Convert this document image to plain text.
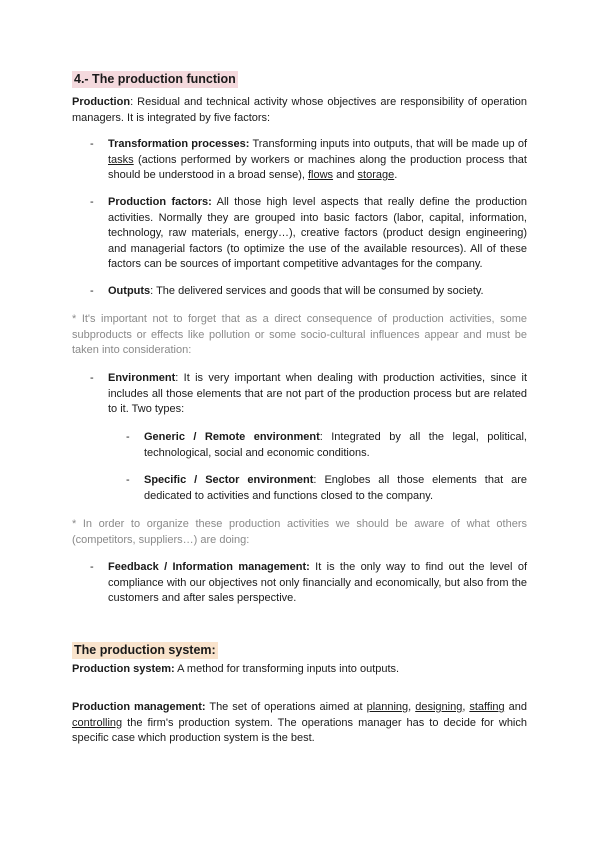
4.- The production function

Production: Residual and technical activity whose objectives are responsibility of operation managers. It is integrated by five factors:

- Transformation processes: Transforming inputs into outputs, that will be made up of tasks (actions performed by workers or machines along the production process that should be understood in a broad sense), flows and storage.
- Production factors: All those high level aspects that really define the production activities. Normally they are grouped into basic factors (labor, capital, information, technology, raw materials, energy…), creative factors (product design engineering) and managerial factors (to optimize the use of the available resources). All of these factors can be sources of important competitive advantages for the company.
- Outputs: The delivered services and goods that will be consumed by society.

* It's important not to forget that as a direct consequence of production activities, some subproducts or effects like pollution or some socio-cultural influences appear and must be taken into consideration:

- Environment: It is very important when dealing with production activities, since it includes all those elements that are not part of the production process but are related to it. Two types:
- Generic / Remote environment: Integrated by all the legal, political, technological, social and economic conditions.
- Specific / Sector environment: Englobes all those elements that are dedicated to activities and functions closed to the company.

* In order to organize these production activities we should be aware of what others (competitors, suppliers…) are doing:

- Feedback / Information management: It is the only way to find out the level of compliance with our objectives not only financially and economically, but also from the customers and after sales perspective.
The production system:

Production system: A method for transforming inputs into outputs.

Production management: The set of operations aimed at planning, designing, staffing and controlling the firm's production system. The operations manager has to decide for which specific case which production system is the best.
